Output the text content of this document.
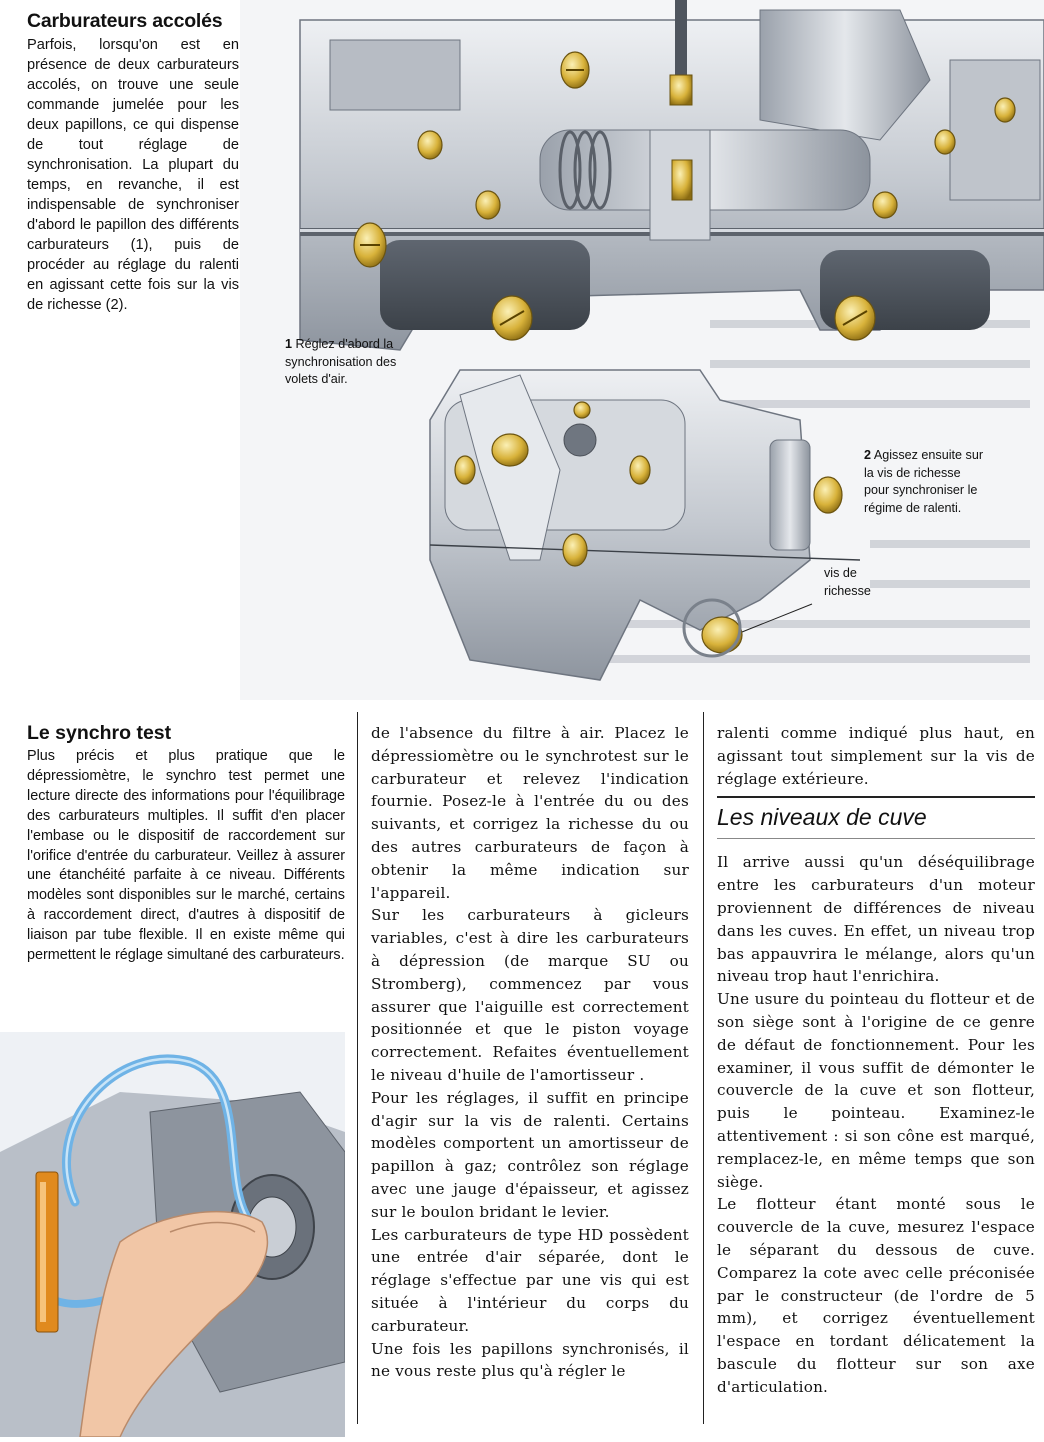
Carburateurs accolés

Parfois, lorsqu'on est en présence de deux carburateurs accolés, on trouve une seule commande jumelée pour les deux papillons, ce qui dispense de tout réglage de synchronisation. La plupart du temps, en revanche, il est indispensable de synchroniser d'abord le papillon des différents carburateurs (1), puis de procéder au réglage du ralenti en agissant cette fois sur la vis de richesse (2).

1 Réglez d'abord la synchronisation des volets d'air.
2 Agissez ensuite sur la vis de richesse pour synchroniser le régime de ralenti.
vis de richesse
Le synchro test

Plus précis et plus pratique que le dépressiomètre, le synchro test permet une lecture directe des informations pour l'équilibrage des carburateurs multiples. Il suffit d'en placer l'embase ou le dispositif de raccordement sur l'orifice d'entrée du carburateur. Veillez à assurer une étanchéité parfaite à ce niveau. Différents modèles sont disponibles sur le marché, certains à raccordement direct, d'autres à dispositif de liaison par tube flexible. Il en existe même qui permettent le réglage simultané des carburateurs.

de l'absence du filtre à air. Placez le dépressiomètre ou le synchrotest sur le carburateur et relevez l'indication fournie. Posez-le à l'entrée du ou des suivants, et corrigez la richesse du ou des autres carburateurs de façon à obtenir la même indication sur l'appareil.

Sur les carburateurs à gicleurs variables, c'est à dire les carburateurs à dépression (de marque SU ou Stromberg), commencez par vous assurer que l'aiguille est correctement positionnée et que le piston voyage correctement. Refaites éventuellement le niveau d'huile de l'amortisseur .

Pour les réglages, il suffit en principe d'agir sur la vis de ralenti. Certains modèles comportent un amortisseur de papillon à gaz; contrôlez son réglage avec une jauge d'épaisseur, et agissez sur le boulon bridant le levier.

Les carburateurs de type HD possèdent une entrée d'air séparée, dont le réglage s'effectue par une vis qui est située à l'intérieur du corps du carburateur.

Une fois les papillons synchronisés, il ne vous reste plus qu'à régler le

ralenti comme indiqué plus haut, en agissant tout simplement sur la vis de réglage extérieure.

Les niveaux de cuve

Il arrive aussi qu'un déséquilibrage entre les carburateurs d'un moteur proviennent de différences de niveau dans les cuves. En effet, un niveau trop bas appauvrira le mélange, alors qu'un niveau trop haut l'enrichira.

Une usure du pointeau du flotteur et de son siège sont à l'origine de ce genre de défaut de fonctionnement. Pour les examiner, il vous suffit de démonter le couvercle de la cuve et son flotteur, puis le pointeau. Examinez-le attentivement : si son cône est marqué, remplacez-le, en même temps que son siège.

Le flotteur étant monté sous le couvercle de la cuve, mesurez l'espace le séparant du dessous de cuve. Comparez la cote avec celle préconisée par le constructeur (de l'ordre de 5 mm), et corrigez éventuellement l'espace en tordant délicatement la bascule du flotteur sur son axe d'articulation.
